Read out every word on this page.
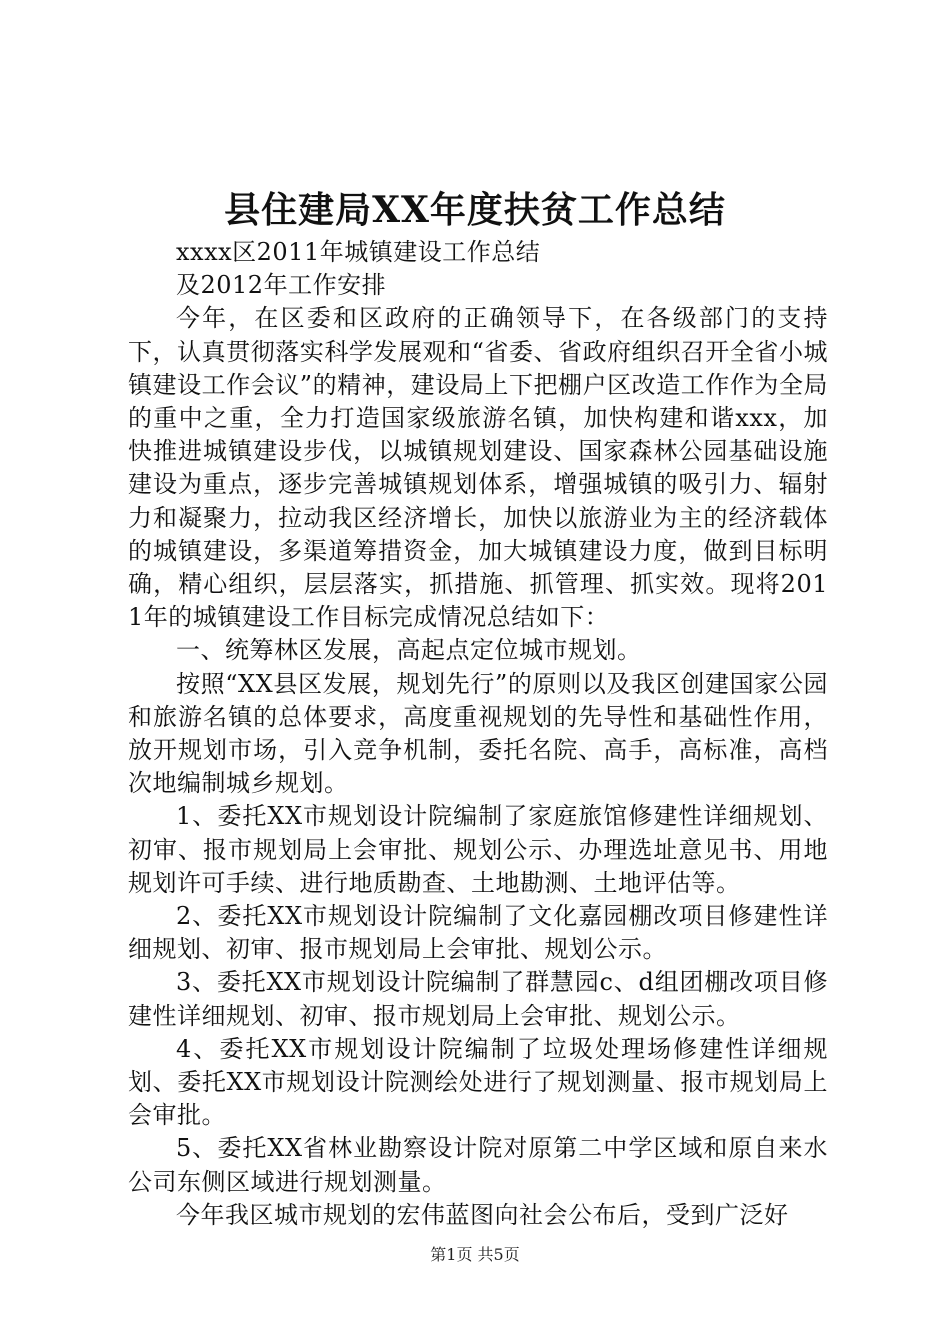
县住建局XX年度扶贫工作总结

xxxx区2011年城镇建设工作总结

及2012年工作安排

今年，在区委和区政府的正确领导下，在各级部门的支持下，认真贯彻落实科学发展观和“省委、省政府组织召开全省小城镇建设工作会议”的精神，建设局上下把棚户区改造工作作为全局的重中之重，全力打造国家级旅游名镇，加快构建和谐xxx，加快推进城镇建设步伐，以城镇规划建设、国家森林公园基础设施建设为重点，逐步完善城镇规划体系，增强城镇的吸引力、辐射力和凝聚力，拉动我区经济增长，加快以旅游业为主的经济载体的城镇建设，多渠道筹措资金，加大城镇建设力度，做到目标明确，精心组织，层层落实，抓措施、抓管理、抓实效。现将2011年的城镇建设工作目标完成情况总结如下：

一、统筹林区发展，高起点定位城市规划。

按照“XX县区发展，规划先行”的原则以及我区创建国家公园和旅游名镇的总体要求，高度重视规划的先导性和基础性作用，放开规划市场，引入竞争机制，委托名院、高手，高标准，高档次地编制城乡规划。

1、委托XX市规划设计院编制了家庭旅馆修建性详细规划、初审、报市规划局上会审批、规划公示、办理选址意见书、用地规划许可手续、进行地质勘查、土地勘测、土地评估等。

2、委托XX市规划设计院编制了文化嘉园棚改项目修建性详细规划、初审、报市规划局上会审批、规划公示。

3、委托XX市规划设计院编制了群慧园c、d组团棚改项目修建性详细规划、初审、报市规划局上会审批、规划公示。

4、委托XX市规划设计院编制了垃圾处理场修建性详细规划、委托XX市规划设计院测绘处进行了规划测量、报市规划局上会审批。

5、委托XX省林业勘察设计院对原第二中学区域和原自来水公司东侧区域进行规划测量。

今年我区城市规划的宏伟蓝图向社会公布后，受到广泛好

第1页 共5页
